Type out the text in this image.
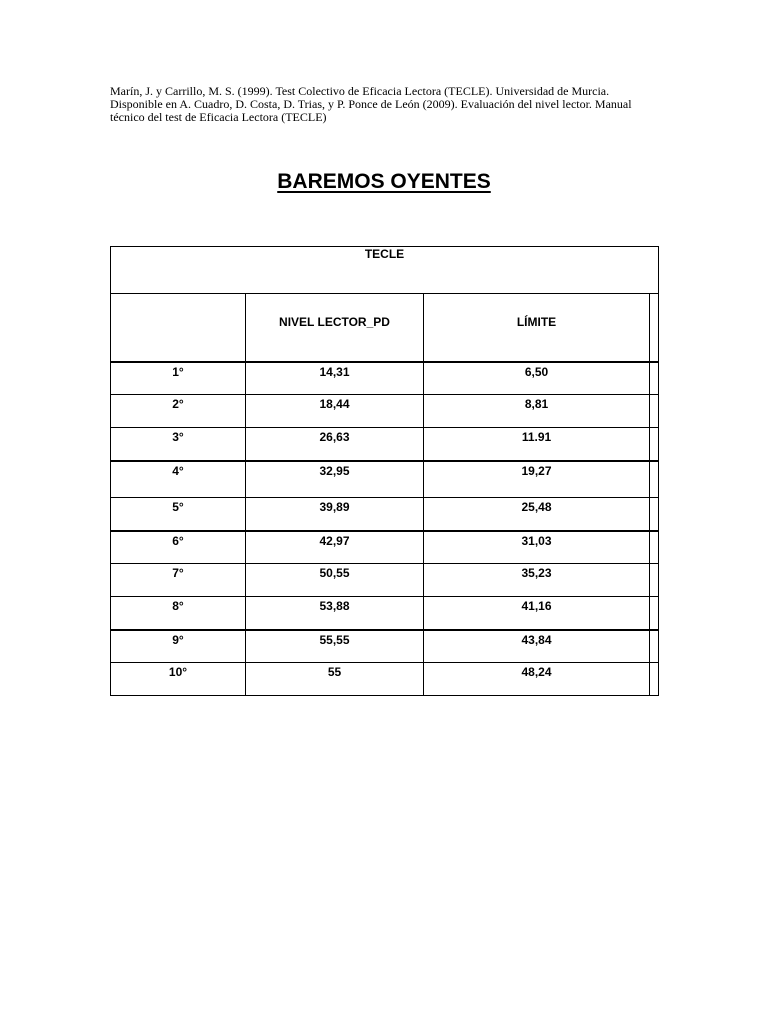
Marín, J. y Carrillo, M. S. (1999). Test Colectivo de Eficacia Lectora (TECLE). Universidad de Murcia. Disponible en A. Cuadro, D. Costa, D. Trias, y P. Ponce de León (2009). Evaluación del nivel lector. Manual técnico del test de Eficacia Lectora (TECLE)

BAREMOS OYENTES
TECLE			
	NIVEL LECTOR_PD	LÍMITE	
1°	14,31	6,50	
2°	18,44	8,81	
3°	26,63	11.91	
4°	32,95	19,27	
5°	39,89	25,48	
6°	42,97	31,03	
7°	50,55	35,23	
8°	53,88	41,16	
9°	55,55	43,84	
10°	55	48,24	
